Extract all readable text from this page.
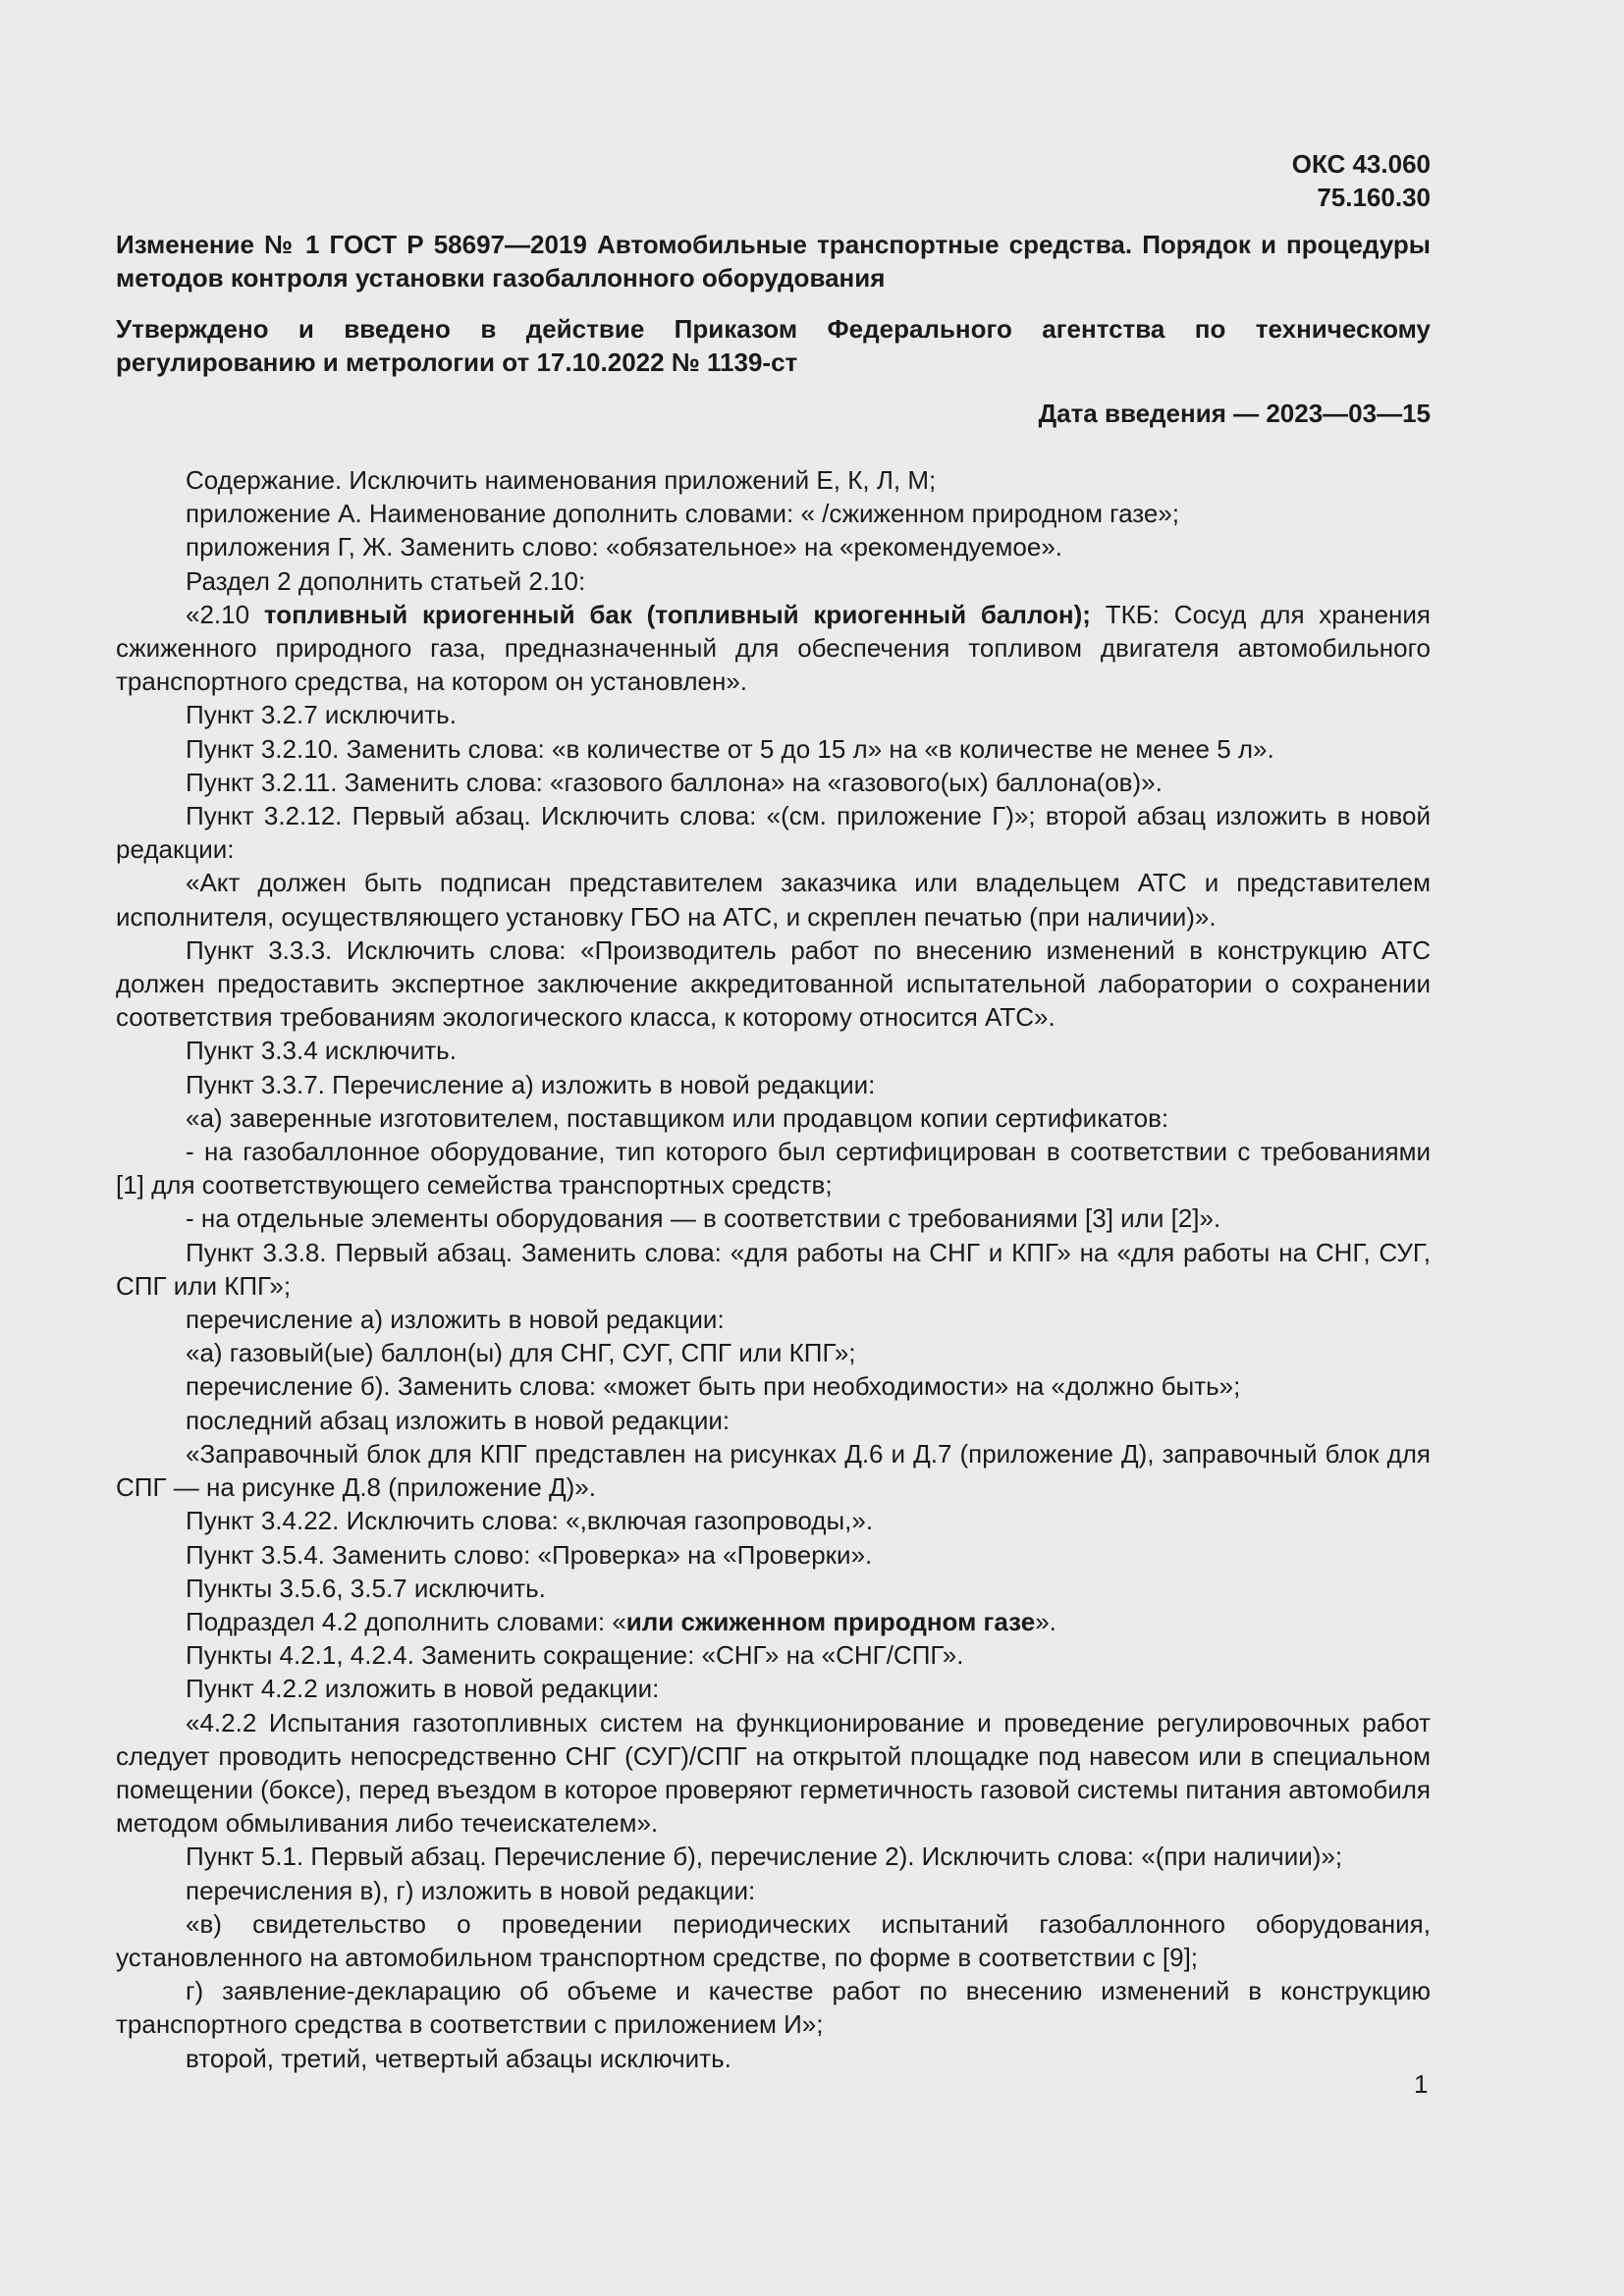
ОКС 43.060
75.160.30

Изменение № 1 ГОСТ Р 58697—2019 Автомобильные транспортные средства. Порядок и процедуры методов контроля установки газобаллонного оборудования

Утверждено и введено в действие Приказом Федерального агентства по техническому регулированию и метрологии от 17.10.2022 № 1139-ст

Дата введения — 2023—03—15

Содержание. Исключить наименования приложений Е, К, Л, М;

приложение А. Наименование дополнить словами: « /сжиженном природном газе»;

приложения Г, Ж. Заменить слово: «обязательное» на «рекомендуемое».

Раздел 2 дополнить статьей 2.10:

«2.10 топливный криогенный бак (топливный криогенный баллон); ТКБ: Сосуд для хранения сжиженного природного газа, предназначенный для обеспечения топливом двигателя автомобильного транспортного средства, на котором он установлен».

Пункт 3.2.7 исключить.

Пункт 3.2.10. Заменить слова: «в количестве от 5 до 15 л» на «в количестве не менее 5 л».

Пункт 3.2.11. Заменить слова: «газового баллона» на «газового(ых) баллона(ов)».

Пункт 3.2.12. Первый абзац. Исключить слова: «(см. приложение Г)»; второй абзац изложить в новой редакции:

«Акт должен быть подписан представителем заказчика или владельцем АТС и представителем исполнителя, осуществляющего установку ГБО на АТС, и скреплен печатью (при наличии)».

Пункт 3.3.3. Исключить слова: «Производитель работ по внесению изменений в конструкцию АТС должен предоставить экспертное заключение аккредитованной испытательной лаборатории о сохранении соответствия требованиям экологического класса, к которому относится АТС».

Пункт 3.3.4 исключить.

Пункт 3.3.7. Перечисление а) изложить в новой редакции:

«а) заверенные изготовителем, поставщиком или продавцом копии сертификатов:

- на газобаллонное оборудование, тип которого был сертифицирован в соответствии с требованиями [1] для соответствующего семейства транспортных средств;

- на отдельные элементы оборудования — в соответствии с требованиями [3] или [2]».

Пункт 3.3.8. Первый абзац. Заменить слова: «для работы на СНГ и КПГ» на «для работы на СНГ, СУГ, СПГ или КПГ»;

перечисление а) изложить в новой редакции:

«а) газовый(ые) баллон(ы) для СНГ, СУГ, СПГ или КПГ»;

перечисление б). Заменить слова: «может быть при необходимости» на «должно быть»;

последний абзац изложить в новой редакции:

«Заправочный блок для КПГ представлен на рисунках Д.6 и Д.7 (приложение Д), заправочный блок для СПГ — на рисунке Д.8 (приложение Д)».

Пункт 3.4.22. Исключить слова: «,включая газопроводы,».

Пункт 3.5.4. Заменить слово: «Проверка» на «Проверки».

Пункты 3.5.6, 3.5.7 исключить.

Подраздел 4.2 дополнить словами: «или сжиженном природном газе».

Пункты 4.2.1, 4.2.4. Заменить сокращение: «СНГ» на «СНГ/СПГ».

Пункт 4.2.2 изложить в новой редакции:

«4.2.2 Испытания газотопливных систем на функционирование и проведение регулировочных работ следует проводить непосредственно СНГ (СУГ)/СПГ на открытой площадке под навесом или в специальном помещении (боксе), перед въездом в которое проверяют герметичность газовой системы питания автомобиля методом обмыливания либо течеискателем».

Пункт 5.1. Первый абзац. Перечисление б), перечисление 2). Исключить слова: «(при наличии)»;

перечисления в), г) изложить в новой редакции:

«в) свидетельство о проведении периодических испытаний газобаллонного оборудования, установленного на автомобильном транспортном средстве, по форме в соответствии с [9];

г) заявление-декларацию об объеме и качестве работ по внесению изменений в конструкцию транспортного средства в соответствии с приложением И»;

второй, третий, четвертый абзацы исключить.

1
